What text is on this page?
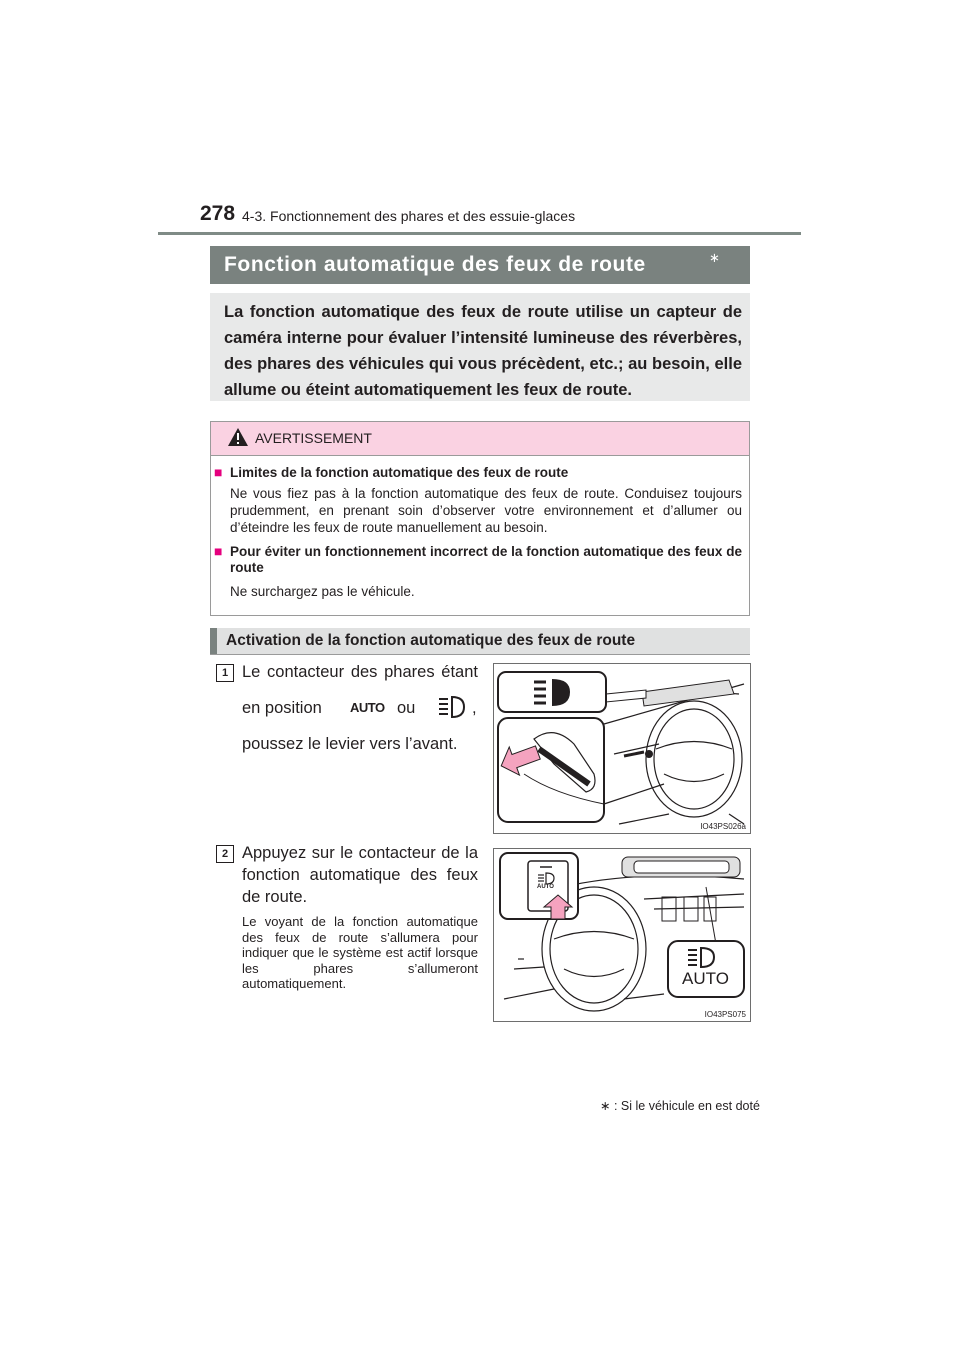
278 4-3. Fonctionnement des phares et des essuie-glaces
Fonction automatique des feux de route	∗
La fonction automatique des feux de route utilise un capteur de caméra interne pour évaluer l’intensité lumineuse des réverbères, des phares des véhicules qui vous précèdent, etc.; au besoin, elle allume ou éteint automatiquement les feux de route.
AVERTISSEMENT
■ Limites de la fonction automatique des feux de route
Ne vous fiez pas à la fonction automatique des feux de route. Conduisez toujours prudemment, en prenant soin d’observer votre environnement et d’allumer ou d’éteindre les feux de route manuellement au besoin.
■ Pour éviter un fonctionnement incorrect de la fonction automatique des feux de route
Ne surchargez pas le véhicule.
Activation de la fonction automatique des feux de route
1 Le contacteur des phares étant
en position AUTO ou	,
poussez le levier vers l’avant.
IO43PS026a
2 Appuyez sur le contacteur de la fonction automatique des feux de route.
Le voyant de la fonction automatique des feux de route s’allumera pour indiquer que le système est actif lorsque les phares s’allumeront automatiquement.
AUTO
AUTO
IO43PS075
∗ : Si le véhicule en est doté
